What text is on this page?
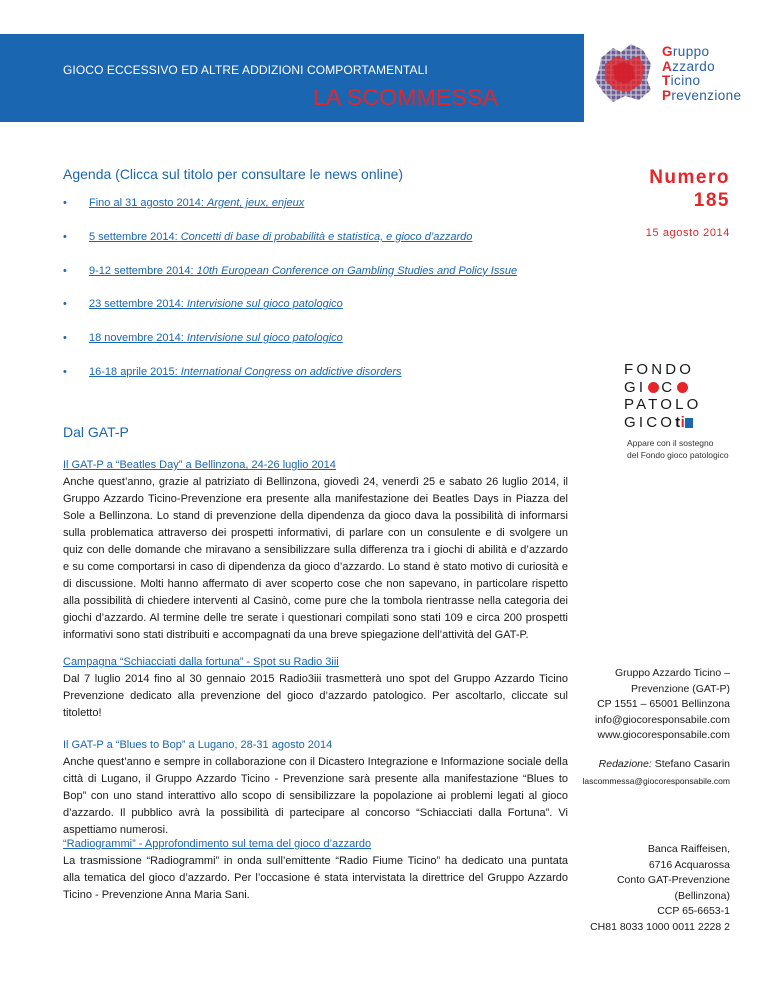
GIOCO ECCESSIVO ED ALTRE ADDIZIONI COMPORTAMENTALI
LA SCOMMESSA
Gruppo
Azzardo
Ticino
Prevenzione
Agenda (Clicca sul titolo per consultare le news online)
•	Fino al 31 agosto 2014: Argent, jeux, enjeux
•	5 settembre 2014: Concetti di base di probabilità e statistica, e gioco d’azzardo
•	9-12 settembre 2014: 10th European Conference on Gambling Studies and Policy Issue
•	23 settembre 2014: Intervisione sul gioco patologico
•	18 novembre 2014: Intervisione sul gioco patologico
•	16-18 aprile 2015: International Congress on addictive disorders
Numero
185
15 agosto 2014
FONDO
GI C
PATOLO
GICOti
Appare con il sostegno
del Fondo gioco patologico
Dal GAT-P
Il GAT-P a “Beatles Day” a Bellinzona, 24-26 luglio 2014

Anche quest’anno, grazie al patriziato di Bellinzona, giovedì 24, venerdì 25 e sabato 26 luglio 2014, il Gruppo Azzardo Ticino-Prevenzione era presente alla manifestazione dei Beatles Days in Piazza del Sole a Bellinzona. Lo stand di prevenzione della dipendenza da gioco dava la possibilità di informarsi sulla problematica attraverso dei prospetti informativi, di parlare con un consulente e di svolgere un quiz con delle domande che miravano a sensibilizzare sulla differenza tra i giochi di abilità e d’azzardo e su come comportarsi in caso di dipendenza da gioco d’azzardo. Lo stand è stato motivo di curiosità e di discussione. Molti hanno affermato di aver scoperto cose che non sapevano, in particolare rispetto alla possibilità di chiedere interventi al Casinò, come pure che la tombola rientrasse nella categoria dei giochi d’azzardo. Al termine delle tre serate i questionari compilati sono stati 109 e circa 200 prospetti informativi sono stati distribuiti e accompagnati da una breve spiegazione dell’attività del GAT-P.

Campagna “Schiacciati dalla fortuna” - Spot su Radio 3iii

Dal 7 luglio 2014 fino al 30 gennaio 2015 Radio3iii trasmetterà uno spot del Gruppo Azzardo Ticino Prevenzione dedicato alla prevenzione del gioco d’azzardo patologico. Per ascoltarlo, cliccate sul titoletto!

Il GAT-P a “Blues to Bop” a Lugano, 28-31 agosto 2014

Anche quest’anno e sempre in collaborazione con il Dicastero Integrazione e Informazione sociale della città di Lugano, il Gruppo Azzardo Ticino - Prevenzione sarà presente alla manifestazione “Blues to Bop” con uno stand interattivo allo scopo di sensibilizzare la popolazione ai problemi legati al gioco d’azzardo. Il pubblico avrà la possibilità di partecipare al concorso “Schiacciati dalla Fortuna”. Vi aspettiamo numerosi.

“Radiogrammi” - Approfondimento sul tema del gioco d’azzardo

La trasmissione “Radiogrammi” in onda sull’emittente “Radio Fiume Ticino” ha dedicato una puntata alla tematica del gioco d’azzardo. Per l’occasione é stata intervistata la direttrice del Gruppo Azzardo Ticino - Prevenzione Anna Maria Sani.

Gruppo Azzardo Ticino –
Prevenzione (GAT-P)
CP 1551 – 65001 Bellinzona
info@giocoresponsabile.com
www.giocoresponsabile.com
Redazione: Stefano Casarin
lascommessa@giocoresponsabile.com
Banca Raiffeisen,
6716 Acquarossa
Conto GAT-Prevenzione
(Bellinzona)
CCP 65-6653-1
CH81 8033 1000 0011 2228 2
